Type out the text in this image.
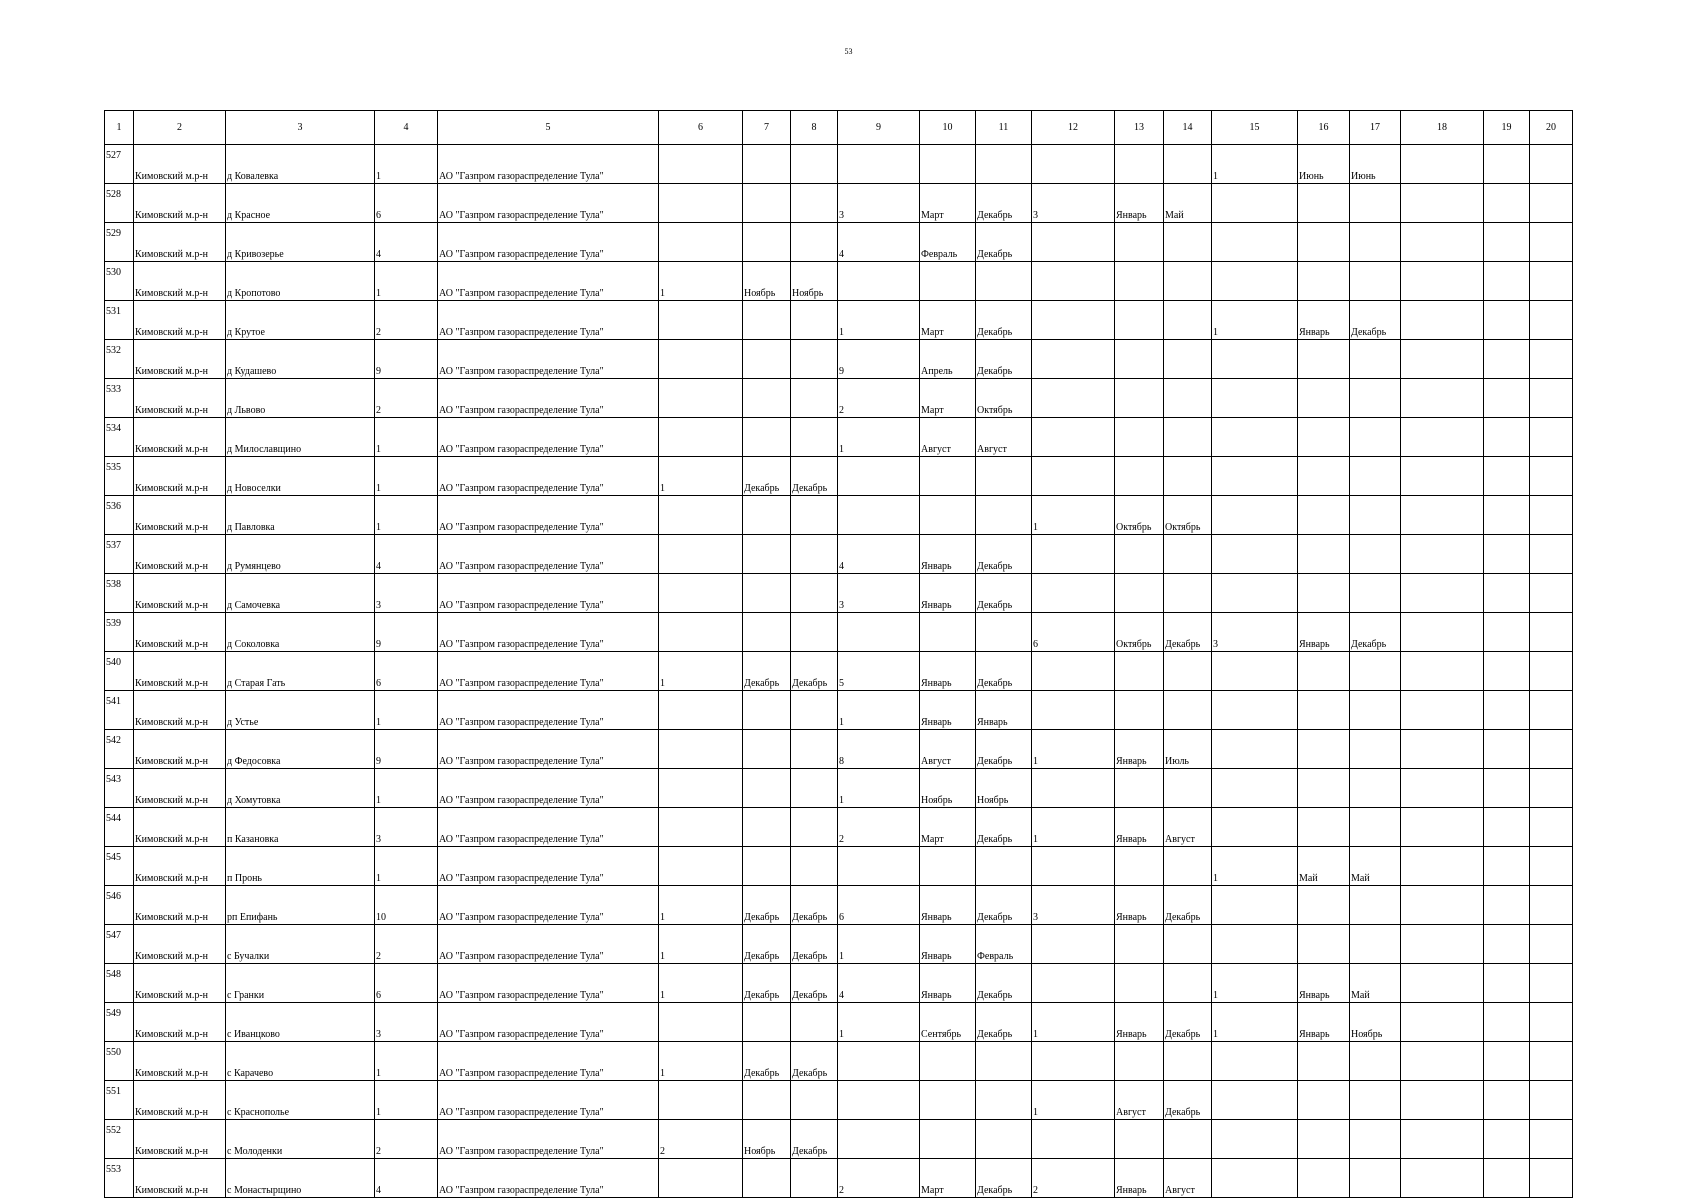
53
1	2	3	4	5	6	7	8	9	10	11	12	13	14	15	16	17	18	19	20
527	Кимовский м.р-н	д Ковалевка	1	АО "Газпром газораспределение Тула"										1	Июнь	Июнь			
528	Кимовский м.р-н	д Красное	6	АО "Газпром газораспределение Тула"				3	Март	Декабрь	3	Январь	Май						
529	Кимовский м.р-н	д Кривозерье	4	АО "Газпром газораспределение Тула"				4	Февраль	Декабрь									
530	Кимовский м.р-н	д Кропотово	1	АО "Газпром газораспределение Тула"	1	Ноябрь	Ноябрь												
531	Кимовский м.р-н	д Крутое	2	АО "Газпром газораспределение Тула"				1	Март	Декабрь				1	Январь	Декабрь			
532	Кимовский м.р-н	д Кудашево	9	АО "Газпром газораспределение Тула"				9	Апрель	Декабрь									
533	Кимовский м.р-н	д Львово	2	АО "Газпром газораспределение Тула"				2	Март	Октябрь									
534	Кимовский м.р-н	д Милославщино	1	АО "Газпром газораспределение Тула"				1	Август	Август									
535	Кимовский м.р-н	д Новоселки	1	АО "Газпром газораспределение Тула"	1	Декабрь	Декабрь												
536	Кимовский м.р-н	д Павловка	1	АО "Газпром газораспределение Тула"							1	Октябрь	Октябрь						
537	Кимовский м.р-н	д Румянцево	4	АО "Газпром газораспределение Тула"				4	Январь	Декабрь									
538	Кимовский м.р-н	д Самочевка	3	АО "Газпром газораспределение Тула"				3	Январь	Декабрь									
539	Кимовский м.р-н	д Соколовка	9	АО "Газпром газораспределение Тула"							6	Октябрь	Декабрь	3	Январь	Декабрь			
540	Кимовский м.р-н	д Старая Гать	6	АО "Газпром газораспределение Тула"	1	Декабрь	Декабрь	5	Январь	Декабрь									
541	Кимовский м.р-н	д Устье	1	АО "Газпром газораспределение Тула"				1	Январь	Январь									
542	Кимовский м.р-н	д Федосовка	9	АО "Газпром газораспределение Тула"				8	Август	Декабрь	1	Январь	Июль						
543	Кимовский м.р-н	д Хомутовка	1	АО "Газпром газораспределение Тула"				1	Ноябрь	Ноябрь									
544	Кимовский м.р-н	п Казановка	3	АО "Газпром газораспределение Тула"				2	Март	Декабрь	1	Январь	Август						
545	Кимовский м.р-н	п Пронь	1	АО "Газпром газораспределение Тула"										1	Май	Май			
546	Кимовский м.р-н	рп Епифань	10	АО "Газпром газораспределение Тула"	1	Декабрь	Декабрь	6	Январь	Декабрь	3	Январь	Декабрь						
547	Кимовский м.р-н	с Бучалки	2	АО "Газпром газораспределение Тула"	1	Декабрь	Декабрь	1	Январь	Февраль									
548	Кимовский м.р-н	с Гранки	6	АО "Газпром газораспределение Тула"	1	Декабрь	Декабрь	4	Январь	Декабрь				1	Январь	Май			
549	Кимовский м.р-н	с Иванцково	3	АО "Газпром газораспределение Тула"				1	Сентябрь	Декабрь	1	Январь	Декабрь	1	Январь	Ноябрь			
550	Кимовский м.р-н	с Карачево	1	АО "Газпром газораспределение Тула"	1	Декабрь	Декабрь												
551	Кимовский м.р-н	с Краснополье	1	АО "Газпром газораспределение Тула"							1	Август	Декабрь						
552	Кимовский м.р-н	с Молоденки	2	АО "Газпром газораспределение Тула"	2	Ноябрь	Декабрь												
553	Кимовский м.р-н	с Монастырщино	4	АО "Газпром газораспределение Тула"				2	Март	Декабрь	2	Январь	Август						
